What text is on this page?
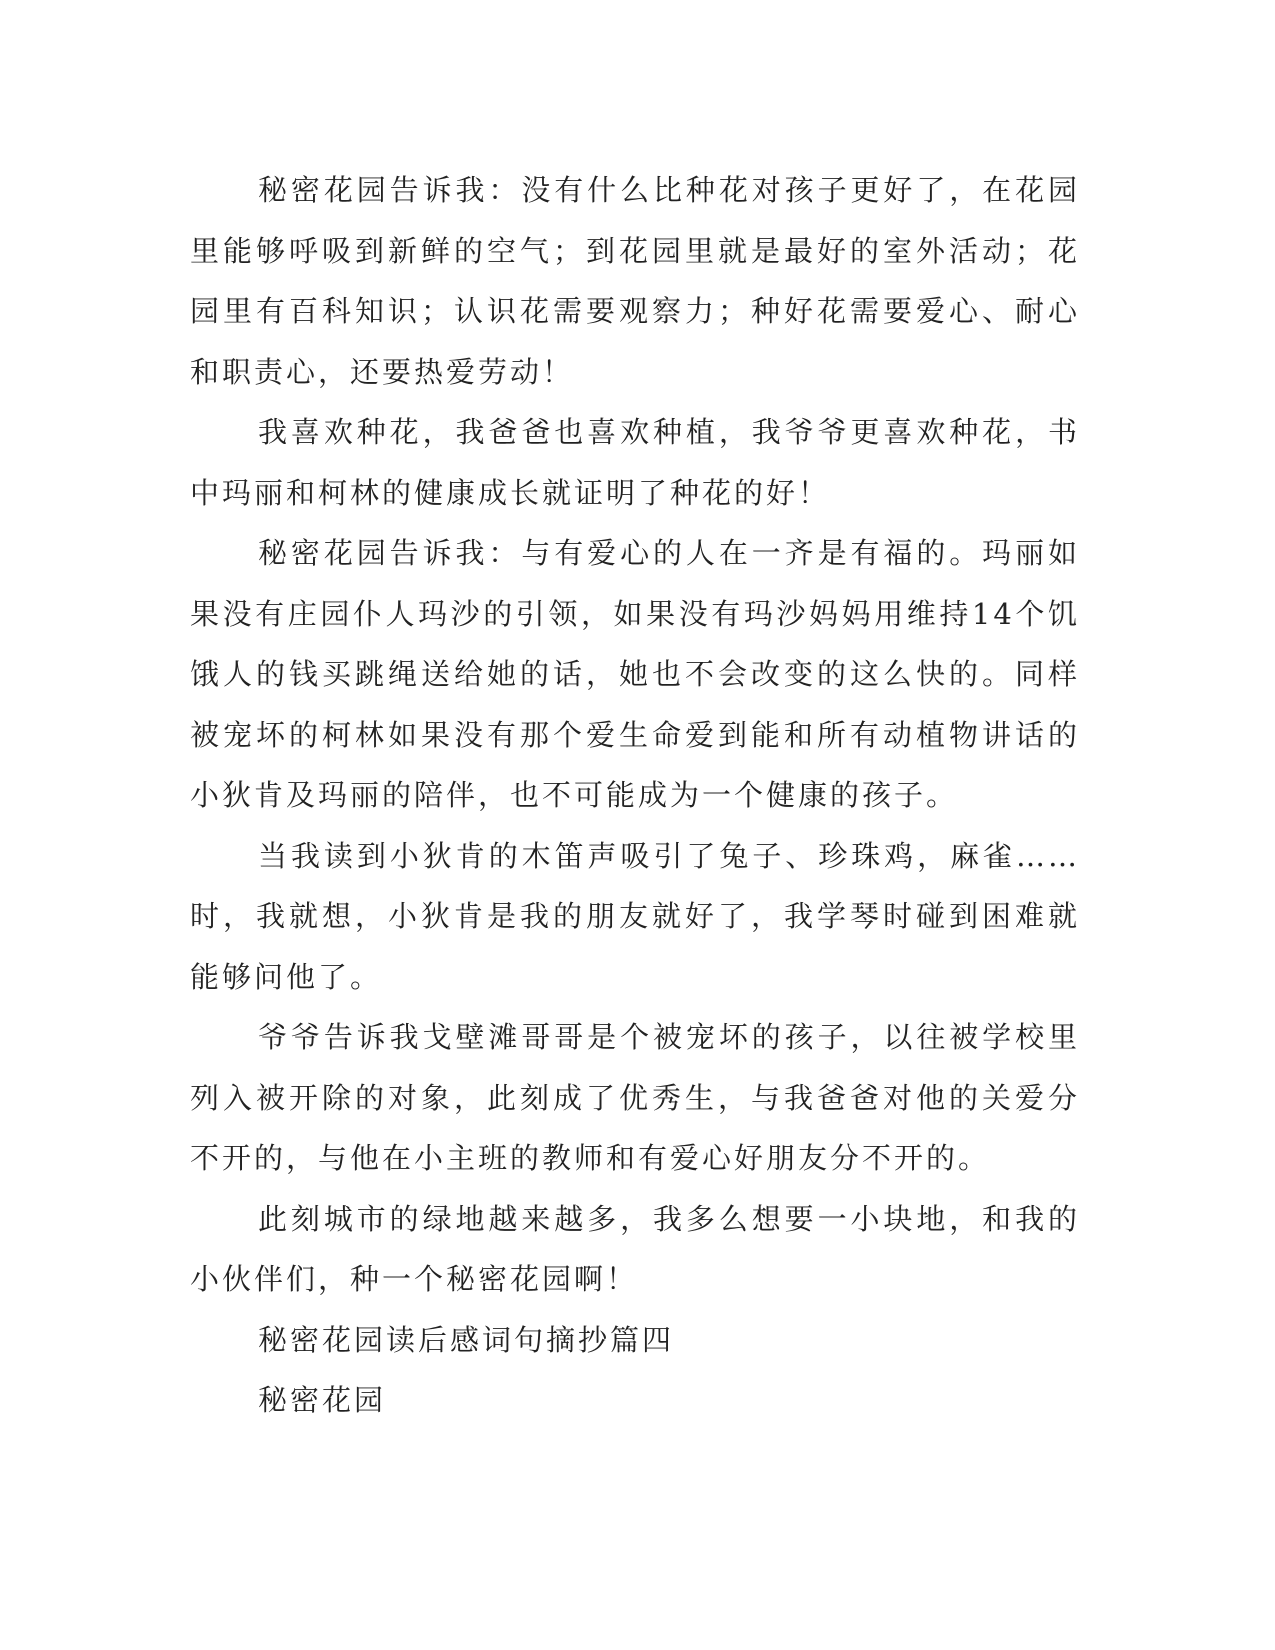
秘密花园告诉我：没有什么比种花对孩子更好了，在花园里能够呼吸到新鲜的空气；到花园里就是最好的室外活动；花园里有百科知识；认识花需要观察力；种好花需要爱心、耐心和职责心，还要热爱劳动！

我喜欢种花，我爸爸也喜欢种植，我爷爷更喜欢种花，书中玛丽和柯林的健康成长就证明了种花的好！

秘密花园告诉我：与有爱心的人在一齐是有福的。玛丽如果没有庄园仆人玛沙的引领，如果没有玛沙妈妈用维持14个饥饿人的钱买跳绳送给她的话，她也不会改变的这么快的。同样被宠坏的柯林如果没有那个爱生命爱到能和所有动植物讲话的小狄肯及玛丽的陪伴，也不可能成为一个健康的孩子。

当我读到小狄肯的木笛声吸引了兔子、珍珠鸡，麻雀……时，我就想，小狄肯是我的朋友就好了，我学琴时碰到困难就能够问他了。

爷爷告诉我戈壁滩哥哥是个被宠坏的孩子，以往被学校里列入被开除的对象，此刻成了优秀生，与我爸爸对他的关爱分不开的，与他在小主班的教师和有爱心好朋友分不开的。

此刻城市的绿地越来越多，我多么想要一小块地，和我的小伙伴们，种一个秘密花园啊！

秘密花园读后感词句摘抄篇四

秘密花园
